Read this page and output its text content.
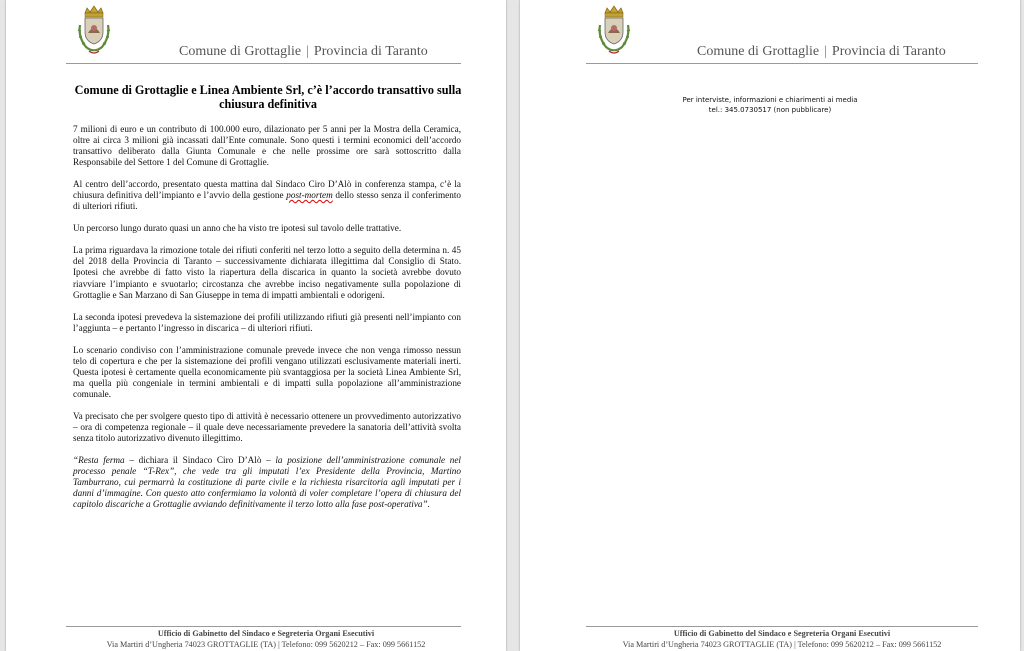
Comune di Grottaglie | Provincia di Taranto
Comune di Grottaglie e Linea Ambiente Srl, c’è l’accordo transattivo sulla chiusura definitiva

7 milioni di euro e un contributo di 100.000 euro, dilazionato per 5 anni per la Mostra della Ceramica, oltre ai circa 3 milioni già incassati dall’Ente comunale. Sono questi i termini economici dell’accordo transattivo deliberato dalla Giunta Comunale e che nelle prossime ore sarà sottoscritto dalla Responsabile del Settore 1 del Comune di Grottaglie.

Al centro dell’accordo, presentato questa mattina dal Sindaco Ciro D’Alò in conferenza stampa, c’è la chiusura definitiva dell’impianto e l’avvio della gestione post-mortem dello stesso senza il conferimento di ulteriori rifiuti.

Un percorso lungo durato quasi un anno che ha visto tre ipotesi sul tavolo delle trattative.

La prima riguardava la rimozione totale dei rifiuti conferiti nel terzo lotto a seguito della determina n. 45 del 2018 della Provincia di Taranto – successivamente dichiarata illegittima dal Consiglio di Stato. Ipotesi che avrebbe di fatto visto la riapertura della discarica in quanto la società avrebbe dovuto riavviare l’impianto e svuotarlo; circostanza che avrebbe inciso negativamente sulla popolazione di Grottaglie e San Marzano di San Giuseppe in tema di impatti ambientali e odorigeni.

La seconda ipotesi prevedeva la sistemazione dei profili utilizzando rifiuti già presenti nell’impianto con l’aggiunta – e pertanto l’ingresso in discarica – di ulteriori rifiuti.

Lo scenario condiviso con l’amministrazione comunale prevede invece che non venga rimosso nessun telo di copertura e che per la sistemazione dei profili vengano utilizzati esclusivamente materiali inerti. Questa ipotesi è certamente quella economicamente più svantaggiosa per la società Linea Ambiente Srl, ma quella più congeniale in termini ambientali e di impatti sulla popolazione all’amministrazione comunale.

Va precisato che per svolgere questo tipo di attività è necessario ottenere un provvedimento autorizzativo – ora di competenza regionale – il quale deve necessariamente prevedere la sanatoria dell’attività svolta senza titolo autorizzativo divenuto illegittimo.

“Resta ferma – dichiara il Sindaco Ciro D’Alò – la posizione dell’amministrazione comunale nel processo penale “T-Rex”, che vede tra gli imputati l’ex Presidente della Provincia, Martino Tamburrano, cui permarrà la costituzione di parte civile e la richiesta risarcitoria agli imputati per i danni d’immagine. Con questo atto confermiamo la volontà di voler completare l’opera di chiusura del capitolo discariche a Grottaglie avviando definitivamente il terzo lotto alla fase post-operativa”.

Ufficio di Gabinetto del Sindaco e Segreteria Organi Esecutivi
Via Martiri d’Ungheria 74023 GROTTAGLIE (TA) | Telefono: 099 5620212 – Fax: 099 5661152
Comune di Grottaglie | Provincia di Taranto
Per interviste, informazioni e chiarimenti ai media
tel.: 345.0730517 (non pubblicare)
Ufficio di Gabinetto del Sindaco e Segreteria Organi Esecutivi
Via Martiri d’Ungheria 74023 GROTTAGLIE (TA) | Telefono: 099 5620212 – Fax: 099 5661152
